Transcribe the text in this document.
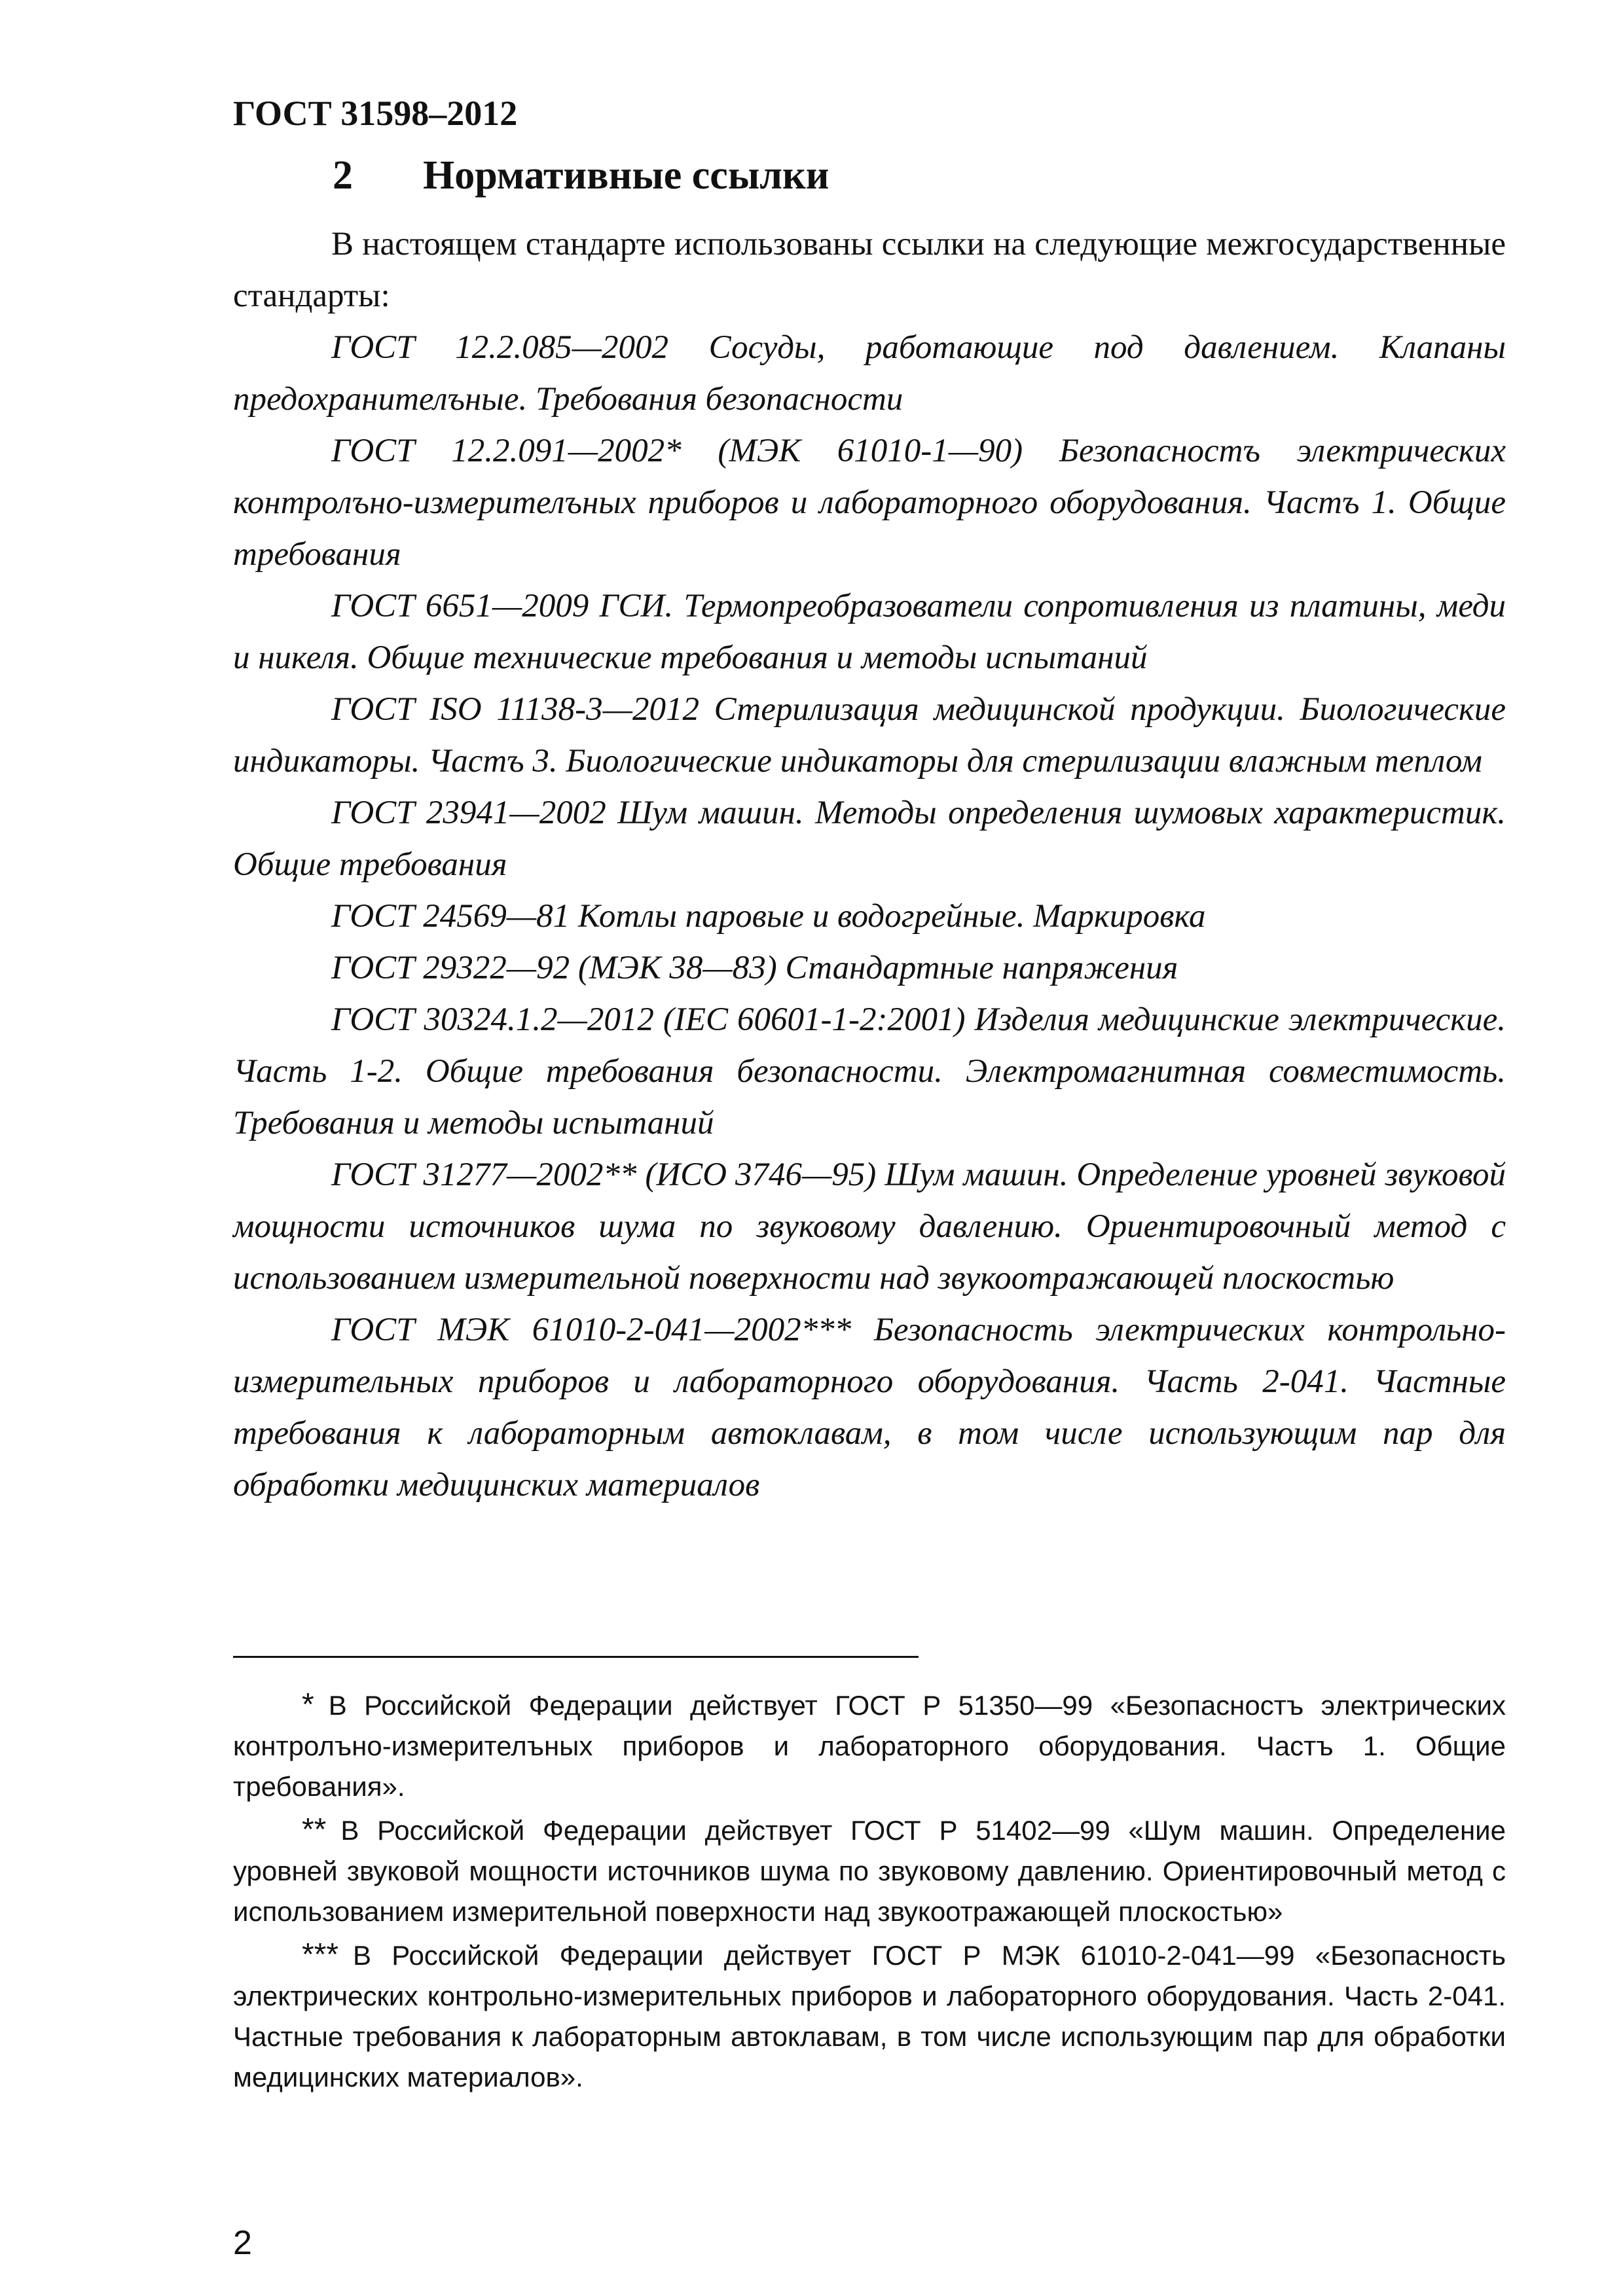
ГОСТ 31598–2012
2 Нормативные ссылки

В настоящем стандарте использованы ссылки на следующие межгосударственные стандарты:

ГОСТ 12.2.085—2002 Сосуды, работающие под давлением. Клапаны предохранителъные. Требования безопасности

ГОСТ 12.2.091—2002* (МЭК 61010-1—90) Безопасностъ электрических контролъно-измерителъных приборов и лабораторного оборудования. Частъ 1. Общие требования

ГОСТ 6651—2009 ГСИ. Термопреобразователи сопротивления из платины, меди и никеля. Общие технические требования и методы испытаний

ГОСТ ISO 11138-3—2012 Стерилизация медицинской продукции. Биологические индикаторы. Частъ 3. Биологические индикаторы для стерилизации влажным теплом

ГОСТ 23941—2002 Шум машин. Методы определения шумовых характеристик. Общие требования

ГОСТ 24569—81 Котлы паровые и водогрейные. Маркировка

ГОСТ 29322—92 (МЭК 38—83) Стандартные напряжения

ГОСТ 30324.1.2—2012 (IEC 60601-1-2:2001) Изделия медицинские электрические. Часть 1-2. Общие требования безопасности. Электромагнитная совместимость. Требования и методы испытаний

ГОСТ 31277—2002** (ИСО 3746—95) Шум машин. Определение уровней звуковой мощности источников шума по звуковому давлению. Ориентировочный метод с использованием измерительной поверхности над звукоотражающей плоскостью

ГОСТ МЭК 61010-2-041—2002*** Безопасность электрических контрольно-измерительных приборов и лабораторного оборудования. Часть 2-041. Частные требования к лабораторным автоклавам, в том числе использующим пар для обработки медицинских материалов

* В Российской Федерации действует ГОСТ Р 51350—99 «Безопасностъ электрических контролъно-измерителъных приборов и лабораторного оборудования. Частъ 1. Общие требования».

** В Российской Федерации действует ГОСТ Р 51402—99 «Шум машин. Определение уровней звуковой мощности источников шума по звуковому давлению. Ориентировочный метод с использованием измерительной поверхности над звукоотражающей плоскостью»

*** В Российской Федерации действует ГОСТ Р МЭК 61010-2-041—99 «Безопасность электрических контрольно-измерительных приборов и лабораторного оборудования. Часть 2-041. Частные требования к лабораторным автоклавам, в том числе использующим пар для обработки медицинских материалов».

2
